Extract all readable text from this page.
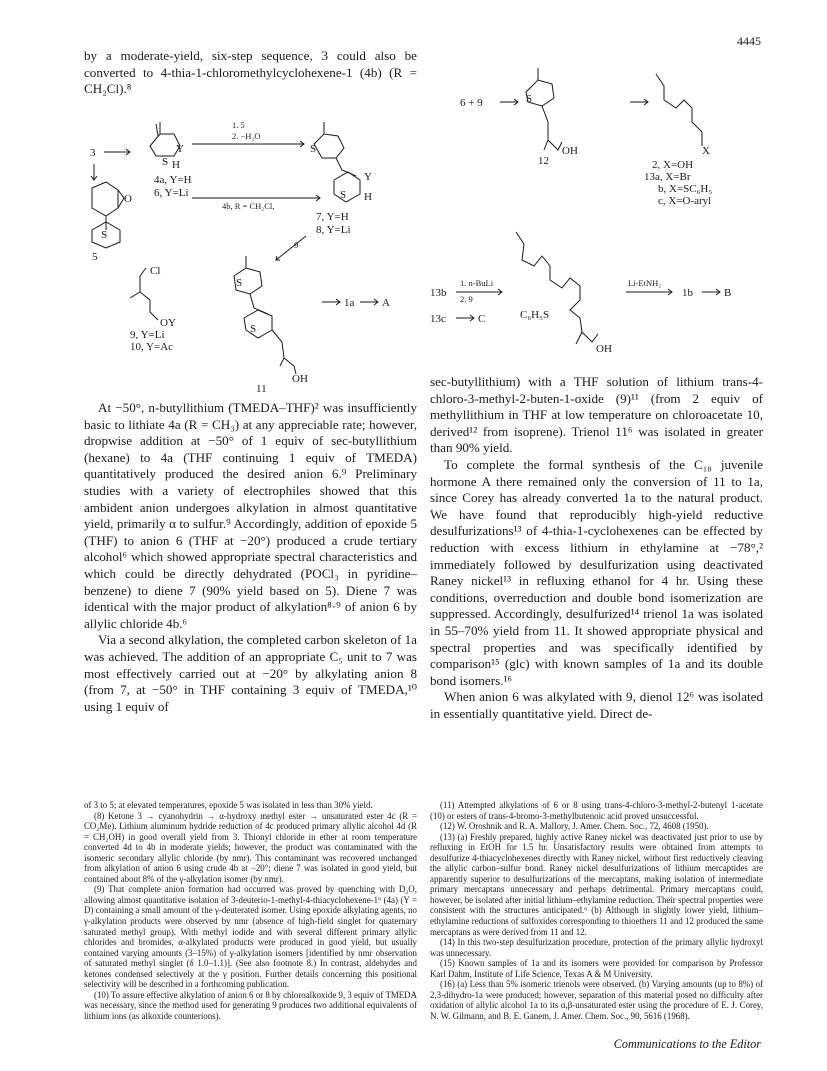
4445
3	Y
S H
4a, Y=H
6, Y=Li
1. 5
2. −H₂O
4b, R = CH₂Cl,
O
S
5
S
S
Y
H
7, Y=H
8, Y=Li
9
Cl
OY
9, Y=Li
10, Y=Ac
S
S
OH
11
1a	A
6 + 9	S
OH
12
X
2, X=OH
13a, X=Br
b, X=SC₆H₅
c, X=O-aryl
13b
1. n-BuLi
2. 9
13c	C	C₆H₅S
OH
Li-EtNH₂
1b	B

by a moderate-yield, six-step sequence, 3 could also be converted to 4-thia-1-chloromethylcyclohexene-1 (4b) (R = CH₂Cl).⁸

At −50°, n-butyllithium (TMEDA–THF)² was insufficiently basic to lithiate 4a (R = CH₃) at any appreciable rate; however, dropwise addition at −50° of 1 equiv of sec-butyllithium (hexane) to 4a (THF continuing 1 equiv of TMEDA) quantitatively produced the desired anion 6.⁹ Preliminary studies with a variety of electrophiles showed that this ambident anion undergoes alkylation in almost quantitative yield, primarily α to sulfur.⁹ Accordingly, addition of epoxide 5 (THF) to anion 6 (THF at −20°) produced a crude tertiary alcohol⁶ which showed appropriate spectral characteristics and which could be directly dehydrated (POCl₃ in pyridine–benzene) to diene 7 (90% yield based on 5). Diene 7 was identical with the major product of alkylation⁸·⁹ of anion 6 by allylic chloride 4b.⁶

Via a second alkylation, the completed carbon skeleton of 1a was achieved. The addition of an appropriate C₅ unit to 7 was most effectively carried out at −20° by alkylating anion 8 (from 7, at −50° in THF containing 3 equiv of TMEDA,¹⁰ using 1 equiv of

sec-butyllithium) with a THF solution of lithium trans-4-chloro-3-methyl-2-buten-1-oxide (9)¹¹ (from 2 equiv of methyllithium in THF at low temperature on chloroacetate 10, derived¹² from isoprene). Trienol 11⁶ was isolated in greater than 90% yield.

To complete the formal synthesis of the C₁₈ juvenile hormone A there remained only the conversion of 11 to 1a, since Corey has already converted 1a to the natural product. We have found that reproducibly high-yield reductive desulfurizations¹³ of 4-thia-1-cyclohexenes can be effected by reduction with excess lithium in ethylamine at −78°,² immediately followed by desulfurization using deactivated Raney nickel¹³ in refluxing ethanol for 4 hr. Using these conditions, overreduction and double bond isomerization are suppressed. Accordingly, desulfurized¹⁴ trienol 1a was isolated in 55–70% yield from 11. It showed appropriate physical and spectral properties and was specifically identified by comparison¹⁵ (glc) with known samples of 1a and its double bond isomers.¹⁶

When anion 6 was alkylated with 9, dienol 12⁶ was isolated in essentially quantitative yield. Direct de-

of 3 to 5; at elevated temperatures, epoxide 5 was isolated in less than 30% yield.

(8) Ketone 3 → cyanohydrin → α-hydroxy methyl ester → unsaturated ester 4c (R = CO₂Me). Lithium aluminum hydride reduction of 4c produced primary allylic alcohol 4d (R = CH₂OH) in good overall yield from 3. Thionyl chloride in ether at room temperature converted 4d to 4b in moderate yields; however, the product was contaminated with the isomeric secondary allylic chloride (by nmr). This contaminant was recovered unchanged from alkylation of anion 6 using crude 4b at −20°; diene 7 was isolated in good yield, but contained about 8% of the γ-alkylation isomer (by nmr).

(9) That complete anion formation had occurred was proved by quenching with D₂O, allowing almost quantitative isolation of 3-deuterio-1-methyl-4-thiacyclohexene-1⁶ (4a) (Y = D) containing a small amount of the γ-deuterated isomer. Using epoxide alkylating agents, no γ-alkylation products were observed by nmr (absence of high-field singlet for quaternary saturated methyl group). With methyl iodide and with several different primary allylic chlorides and bromides, α-alkylated products were produced in good yield, but usually contained varying amounts (3–15%) of γ-alkylation isomers [identified by nmr observation of saturated methyl singlet (δ 1.0–1.1)]. (See also footnote 8.) In contrast, aldehydes and ketones condensed selectively at the γ position. Further details concerning this positional selectivity will be described in a forthcoming publication.

(10) To assure effective alkylation of anion 6 or 8 by chloroalkoxide 9, 3 equiv of TMEDA was necessary, since the method used for generating 9 produces two additional equivalents of lithium ions (as alkoxide counterions).

(11) Attempted alkylations of 6 or 8 using trans-4-chloro-3-methyl-2-butenyl 1-acetate (10) or esters of trans-4-bromo-3-methylbutenoic acid proved unsuccessful.

(12) W. Oroshnik and R. A. Mallory, J. Amer. Chem. Soc., 72, 4608 (1950).

(13) (a) Freshly prepared, highly active Raney nickel was deactivated just prior to use by refluxing in EtOH for 1.5 hr. Unsatisfactory results were obtained from attempts to desulfurize 4-thiacyclohexenes directly with Raney nickel, without first reductively cleaving the allylic carbon–sulfur bond. Raney nickel desulfurizations of lithium mercaptides are apparently superior to desulfurizations of the mercaptans, making isolation of intermediate primary mercaptans unnecessary and perhaps detrimental. Primary mercaptans could, however, be isolated after initial lithium–ethylamine reduction. Their spectral properties were consistent with the structures anticipated.⁶ (b) Although in slightly lower yield, lithium–ethylamine reductions of sulfoxides corresponding to thioethers 11 and 12 produced the same mercaptans as were derived from 11 and 12.

(14) In this two-step desulfurization procedure, protection of the primary allylic hydroxyl was unnecessary.

(15) Known samples of 1a and its isomers were provided for comparison by Professor Karl Dahm, Institute of Life Science, Texas A & M University.

(16) (a) Less than 5% isomeric trienols were observed. (b) Varying amounts (up to 8%) of 2,3-dihydro-1a were produced; however, separation of this material posed no difficulty after oxidation of allylic alcohol 1a to its α,β-unsaturated ester using the procedure of E. J. Corey, N. W. Gilmann, and B. E. Ganem, J. Amer. Chem. Soc., 90, 5616 (1968).

Communications to the Editor
